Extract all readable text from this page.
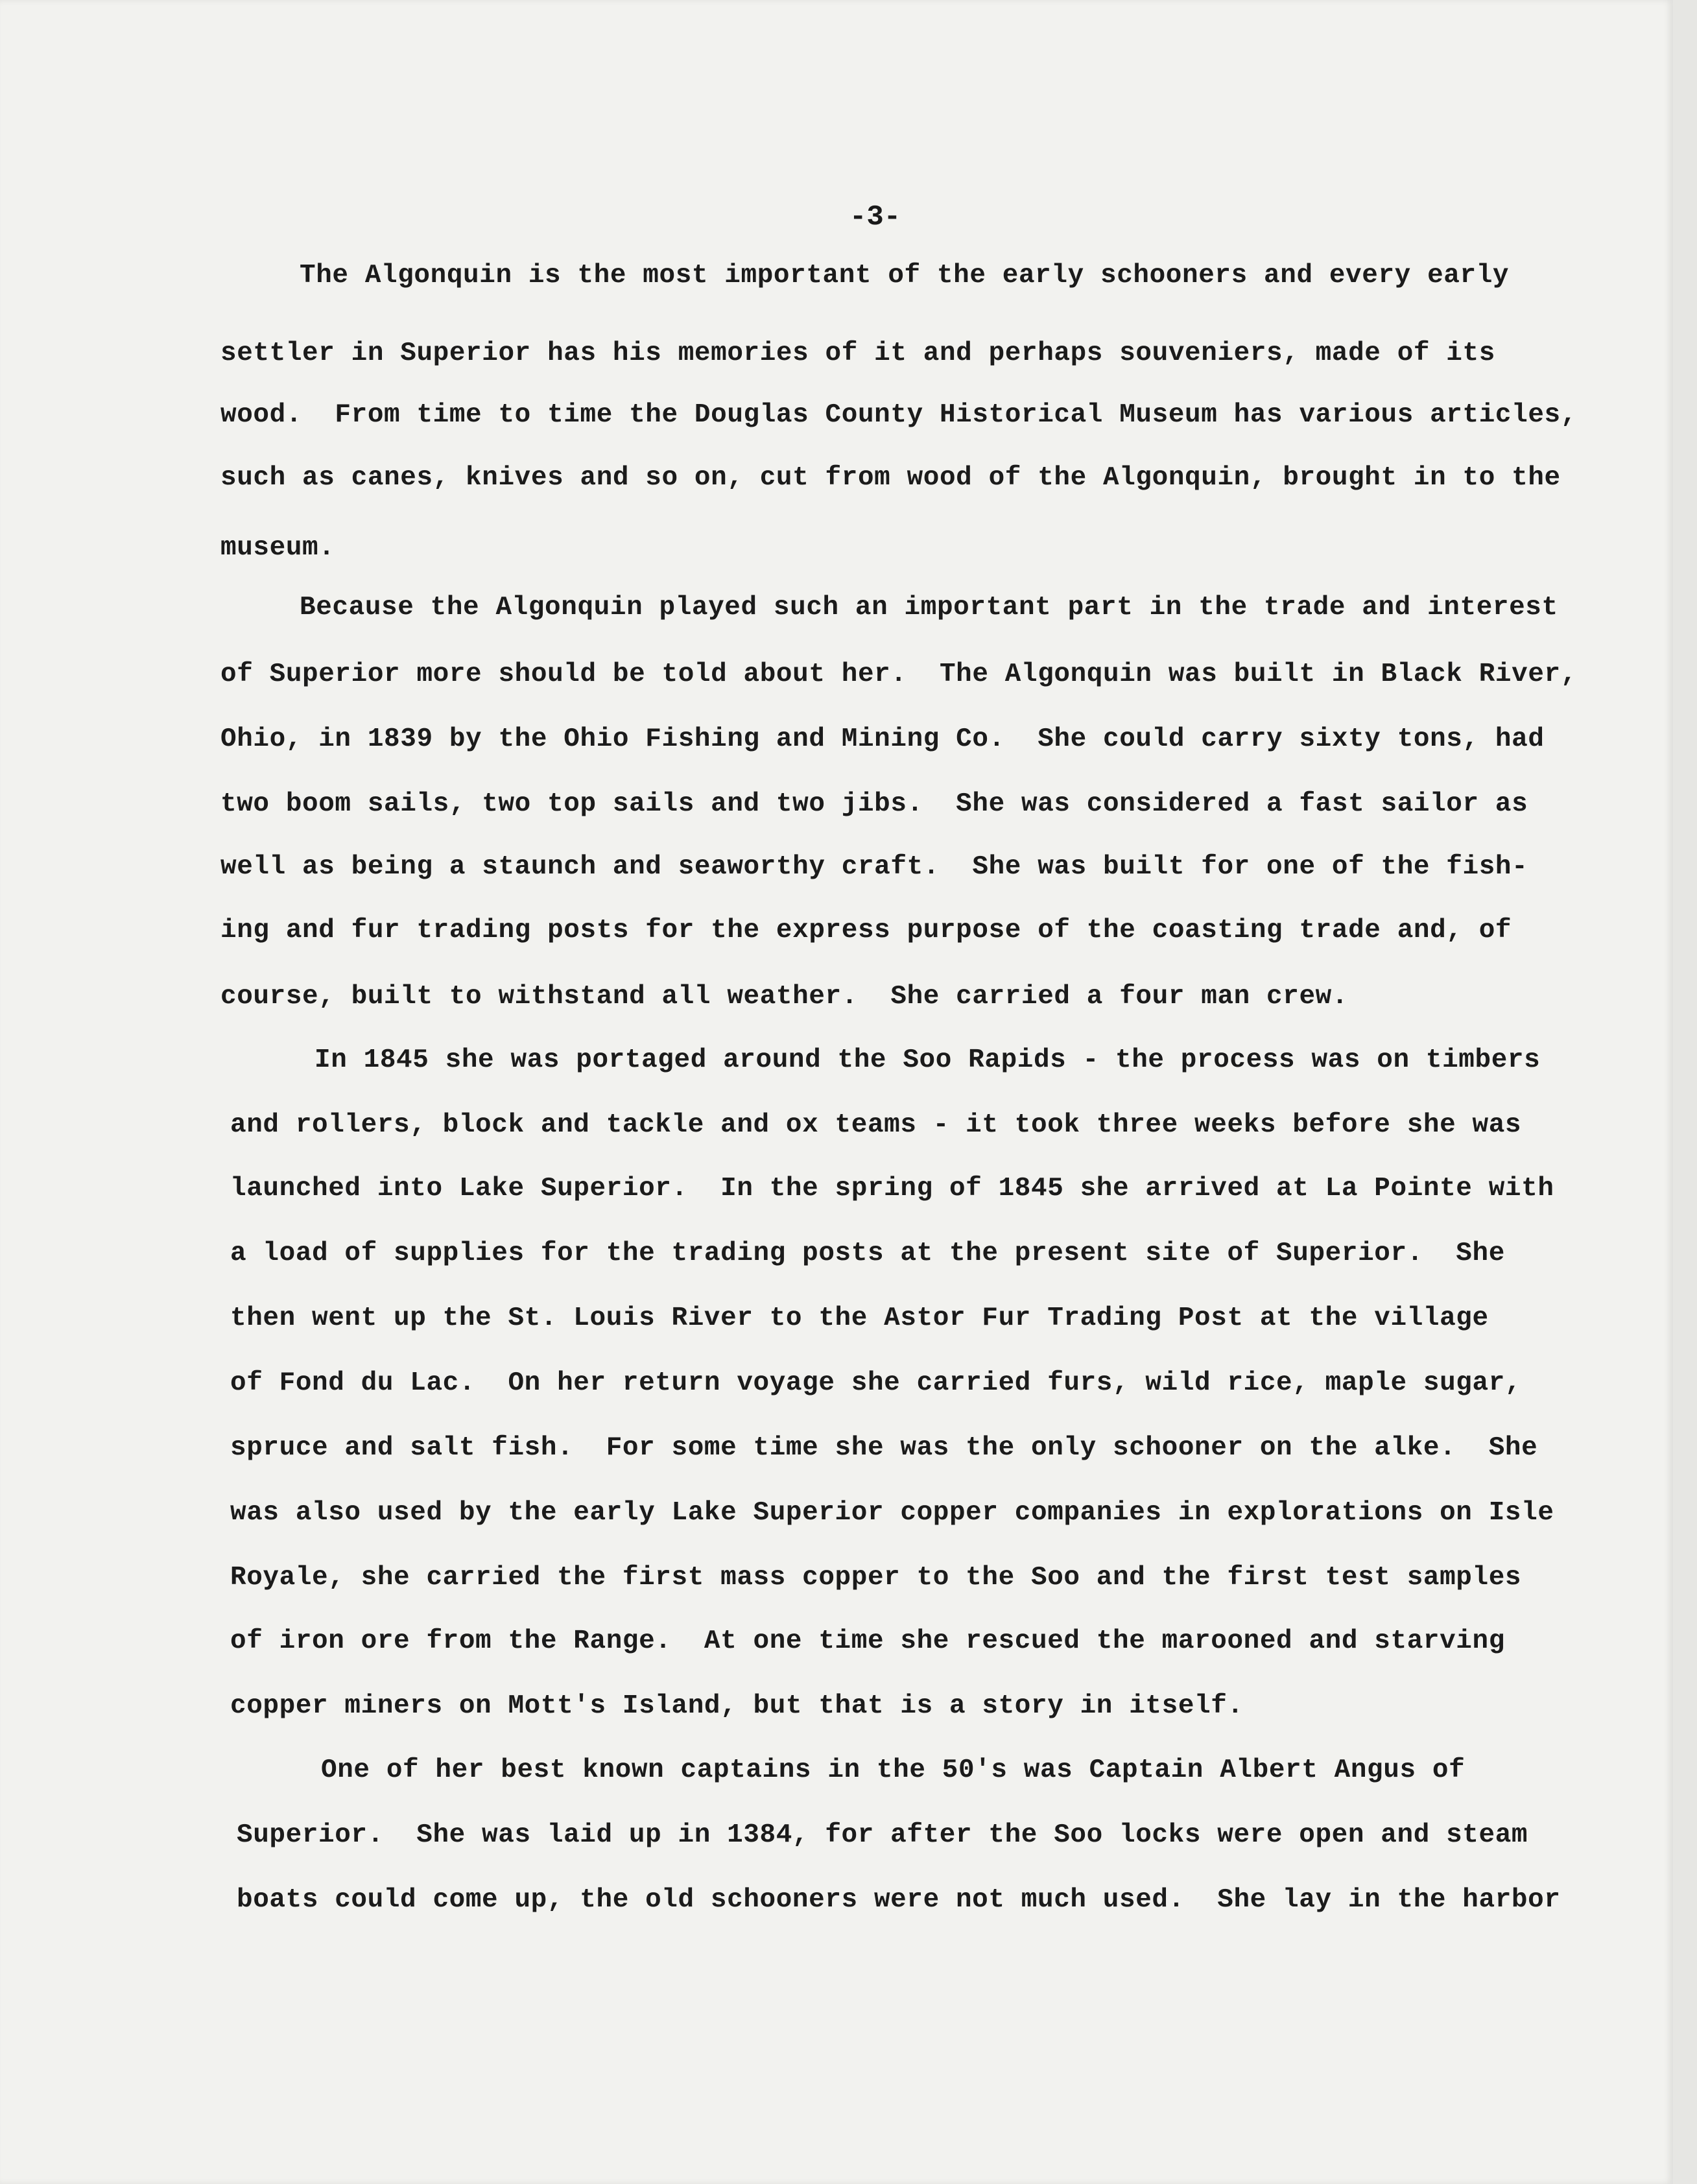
-3-
The Algonquin is the most important of the early schooners and every early
settler in Superior has his memories of it and perhaps souveniers, made of its
wood.  From time to time the Douglas County Historical Museum has various articles,
such as canes, knives and so on, cut from wood of the Algonquin, brought in to the
museum.
Because the Algonquin played such an important part in the trade and interest
of Superior more should be told about her.  The Algonquin was built in Black River,
Ohio, in 1839 by the Ohio Fishing and Mining Co.  She could carry sixty tons, had
two boom sails, two top sails and two jibs.  She was considered a fast sailor as
well as being a staunch and seaworthy craft.  She was built for one of the fish-
ing and fur trading posts for the express purpose of the coasting trade and, of
course, built to withstand all weather.  She carried a four man crew.
In 1845 she was portaged around the Soo Rapids - the process was on timbers
and rollers, block and tackle and ox teams - it took three weeks before she was
launched into Lake Superior.  In the spring of 1845 she arrived at La Pointe with
a load of supplies for the trading posts at the present site of Superior.  She
then went up the St. Louis River to the Astor Fur Trading Post at the village
of Fond du Lac.  On her return voyage she carried furs, wild rice, maple sugar,
spruce and salt fish.  For some time she was the only schooner on the alke.  She
was also used by the early Lake Superior copper companies in explorations on Isle
Royale, she carried the first mass copper to the Soo and the first test samples
of iron ore from the Range.  At one time she rescued the marooned and starving
copper miners on Mott's Island, but that is a story in itself.
One of her best known captains in the 50's was Captain Albert Angus of
Superior.  She was laid up in 1384, for after the Soo locks were open and steam
boats could come up, the old schooners were not much used.  She lay in the harbor
